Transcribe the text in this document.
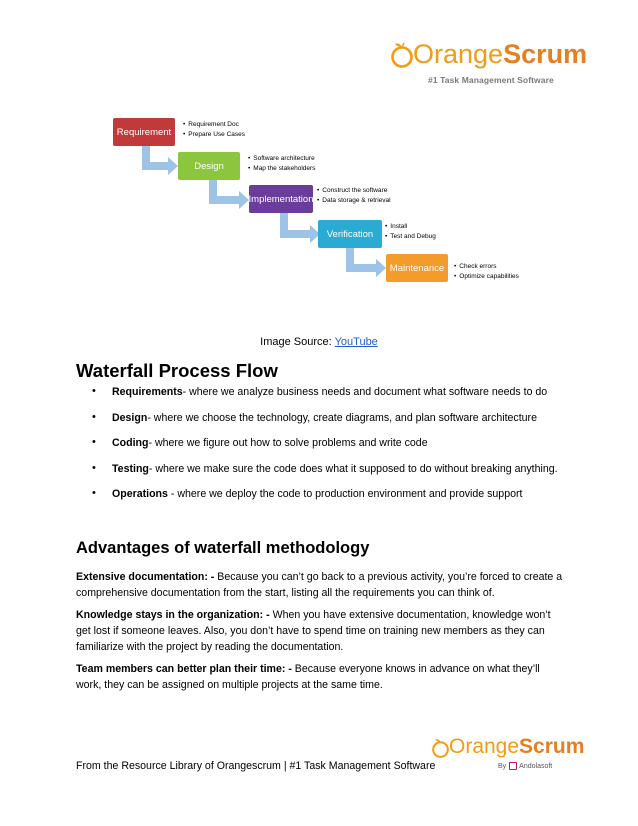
Orange Scrum
#1 Task Management Software
Requirement
Design
Implementation
Verification
Maintenance
• Requirement Doc
• Prepare Use Cases
• Software architecture
• Map the stakeholders
• Construct the software
• Data storage & retrieval
• Install
• Test and Debug
• Check errors
• Optimize capabilities
Image Source: YouTube
Waterfall Process Flow
• Requirements- where we analyze business needs and document what software needs to do
• Design- where we choose the technology, create diagrams, and plan software architecture
• Coding- where we figure out how to solve problems and write code
• Testing- where we make sure the code does what it supposed to do without breaking anything.
• Operations - where we deploy the code to production environment and provide support
Advantages of waterfall methodology
Extensive documentation: - Because you can’t go back to a previous activity, you’re forced to create a comprehensive documentation from the start, listing all the requirements you can think of.
Knowledge stays in the organization: - When you have extensive documentation, knowledge won’t get lost if someone leaves. Also, you don’t have to spend time on training new members as they can familiarize with the project by reading the documentation.
Team members can better plan their time: - Because everyone knows in advance on what they’ll work, they can be assigned on multiple projects at the same time.
From the Resource Library of Orangescrum | #1 Task Management Software
Orange Scrum
By Andolasoft
